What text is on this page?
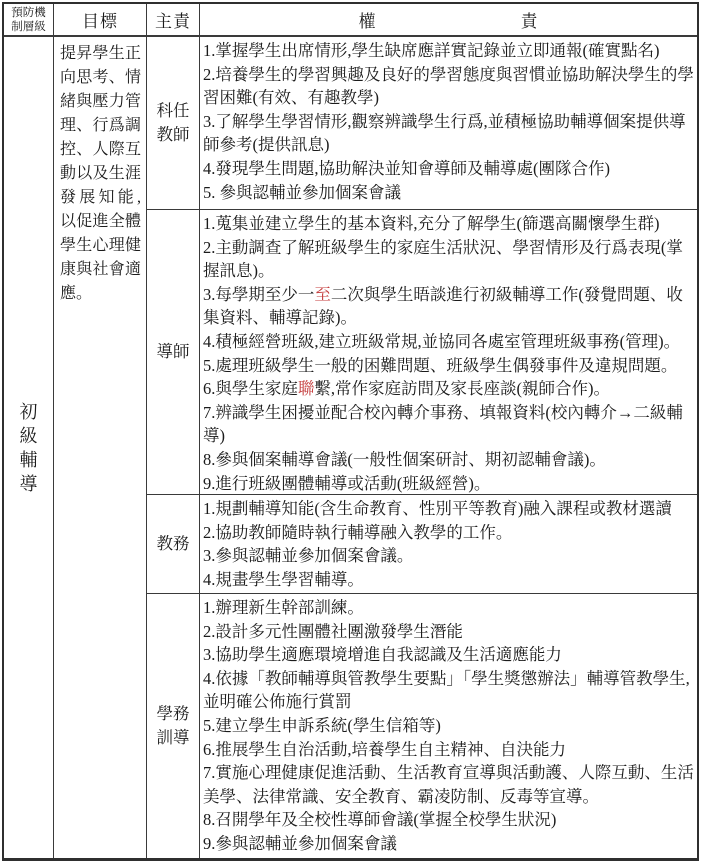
預防機制層級 目標 主責	權　　　　　　　　責
初級輔導
提昇學生正向思考、情緒與壓力管理、行爲調控、人際互動以及生涯發展知能,以促進全體學生心理健康與社會適應。
科任教師
1.掌握學生出席情形,學生缺席應詳實記錄並立即通報(確實點名)
2.培養學生的學習興趣及良好的學習態度與習慣並協助解決學生的學習困難(有效、有趣教學)
3.了解學生學習情形,觀察辨識學生行爲,並積極協助輔導個案提供導師參考(提供訊息)
4.發現學生問題,協助解決並知會導師及輔導處(團隊合作)
5. 參與認輔並參加個案會議
導師
1.蒐集並建立學生的基本資料,充分了解學生(篩選高關懷學生群)
2.主動調查了解班級學生的家庭生活狀況、學習情形及行爲表現(掌握訊息)。
3.每學期至少一至二次與學生晤談進行初級輔導工作(發覺問題、收集資料、輔導記錄)。
4.積極經營班級,建立班級常規,並協同各處室管理班級事務(管理)。
5.處理班級學生一般的困難問題、班級學生偶發事件及違規問題。
6.與學生家庭聯繫,常作家庭訪問及家長座談(親師合作)。
7.辨識學生困擾並配合校內轉介事務、填報資料(校內轉介→二級輔導)
8.參與個案輔導會議(一般性個案研討、期初認輔會議)。
9.進行班級團體輔導或活動(班級經營)。
教務
1.規劃輔導知能(含生命教育、性別平等教育)融入課程或教材選讀
2.協助教師隨時執行輔導融入教學的工作。
3.參與認輔並參加個案會議。
4.規畫學生學習輔導。
學務訓導
1.辦理新生幹部訓練。
2.設計多元性團體社團激發學生潛能
3.協助學生適應環境增進自我認識及生活適應能力
4.依據「教師輔導與管教學生要點」「學生獎懲辦法」輔導管教學生,並明確公佈施行賞罰
5.建立學生申訴系統(學生信箱等)
6.推展學生自治活動,培養學生自主精神、自決能力
7.實施心理健康促進活動、生活教育宣導與活動護、人際互動、生活美學、法律常識、安全教育、霸凌防制、反毒等宣導。
8.召開學年及全校性導師會議(掌握全校學生狀況)
9.參與認輔並參加個案會議
